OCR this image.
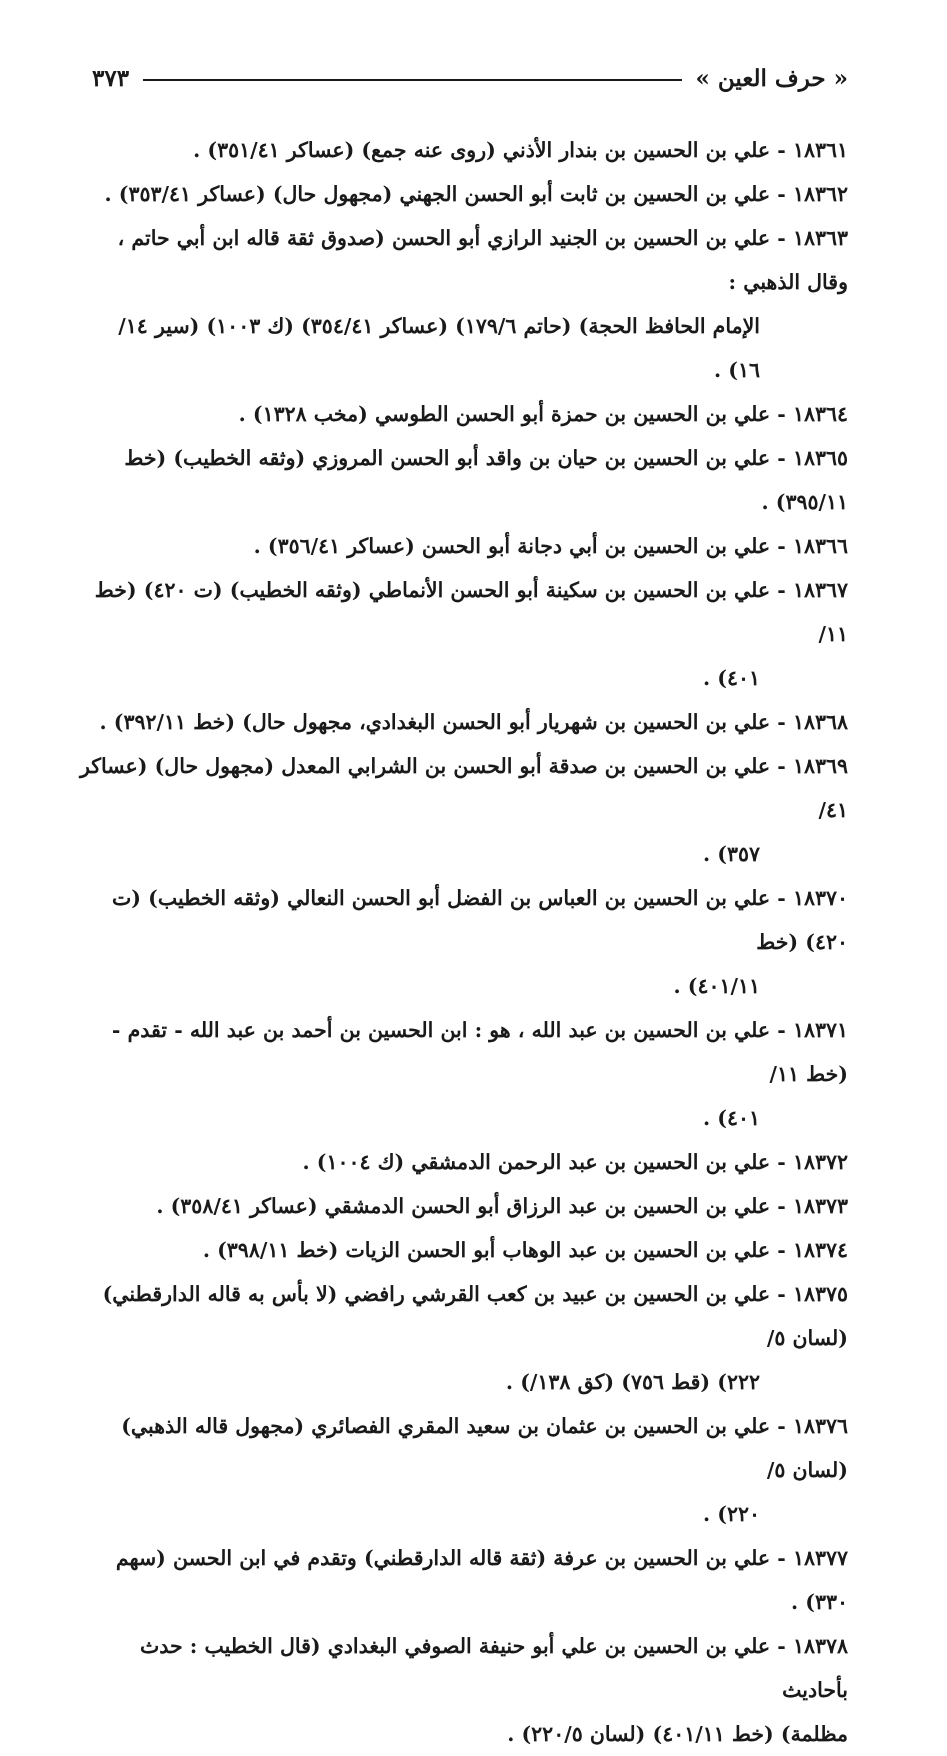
« حرف العين »
٣٧٣
١٨٣٦١ - علي بن الحسين بن بندار الأذني (روى عنه جمع) (عساكر ٣٥١/٤١) .
١٨٣٦٢ - علي بن الحسين بن ثابت أبو الحسن الجهني (مجهول حال) (عساكر ٣٥٣/٤١) .
١٨٣٦٣ - علي بن الحسين بن الجنيد الرازي أبو الحسن (صدوق ثقة قاله ابن أبي حاتم ، وقال الذهبي :
الإمام الحافظ الحجة) (حاتم ١٧٩/٦) (عساكر ٣٥٤/٤١) (ك ١٠٠٣) (سير ١٤/
١٦) .
١٨٣٦٤ - علي بن الحسين بن حمزة أبو الحسن الطوسي (مخب ١٣٢٨) .
١٨٣٦٥ - علي بن الحسين بن حيان بن واقد أبو الحسن المروزي (وثقه الخطيب) (خط ٣٩٥/١١) .
١٨٣٦٦ - علي بن الحسين بن أبي دجانة أبو الحسن (عساكر ٣٥٦/٤١) .
١٨٣٦٧ - علي بن الحسين بن سكينة أبو الحسن الأنماطي (وثقه الخطيب) (ت ٤٢٠) (خط ١١/
٤٠١) .
١٨٣٦٨ - علي بن الحسين بن شهريار أبو الحسن البغدادي، مجهول حال) (خط ٣٩٢/١١) .
١٨٣٦٩ - علي بن الحسين بن صدقة أبو الحسن بن الشرابي المعدل (مجهول حال) (عساكر ٤١/
٣٥٧) .
١٨٣٧٠ - علي بن الحسين بن العباس بن الفضل أبو الحسن النعالي (وثقه الخطيب) (ت ٤٢٠) (خط
٤٠١/١١) .
١٨٣٧١ - علي بن الحسين بن عبد الله ، هو : ابن الحسين بن أحمد بن عبد الله - تقدم - (خط ١١/
٤٠١) .
١٨٣٧٢ - علي بن الحسين بن عبد الرحمن الدمشقي (ك ١٠٠٤) .
١٨٣٧٣ - علي بن الحسين بن عبد الرزاق أبو الحسن الدمشقي (عساكر ٣٥٨/٤١) .
١٨٣٧٤ - علي بن الحسين بن عبد الوهاب أبو الحسن الزيات (خط ٣٩٨/١١) .
١٨٣٧٥ - علي بن الحسين بن عبيد بن كعب القرشي رافضي (لا بأس به قاله الدارقطني) (لسان ٥/
٢٢٢) (قط ٧٥٦) (كق ١٣٨/) .
١٨٣٧٦ - علي بن الحسين بن عثمان بن سعيد المقري الفصائري (مجهول قاله الذهبي) (لسان ٥/
٢٢٠) .
١٨٣٧٧ - علي بن الحسين بن عرفة (ثقة قاله الدارقطني) وتقدم في ابن الحسن (سهم ٣٣٠) .
١٨٣٧٨ - علي بن الحسين بن علي أبو حنيفة الصوفي البغدادي (قال الخطيب : حدث بأحاديث
مظلمة) (خط ٤٠١/١١) (لسان ٢٢٠/٥) .
